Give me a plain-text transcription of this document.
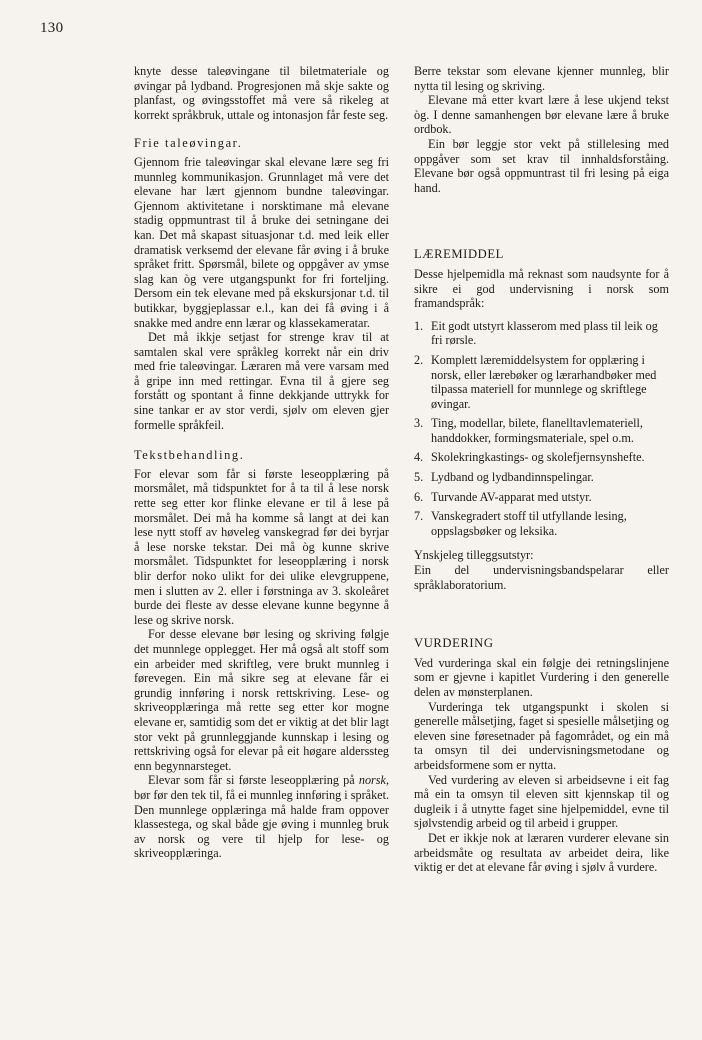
130

knyte desse taleøvingane til biletmateriale og øvingar på lydband. Progresjonen må skje sakte og planfast, og øvingsstoffet må vere så rikeleg at korrekt språkbruk, uttale og intonasjon får feste seg.

Frie taleøvingar.

Gjennom frie taleøvingar skal elevane lære seg fri munnleg kommunikasjon. Grunnlaget må vere det elevane har lært gjennom bundne taleøvingar. Gjennom aktivitetane i norsktimane må elevane stadig oppmuntrast til å bruke dei setningane dei kan. Det må skapast situasjonar t.d. med leik eller dramatisk verksemd der elevane får øving i å bruke språket fritt. Spørsmål, bilete og oppgåver av ymse slag kan òg vere utgangspunkt for fri forteljing. Dersom ein tek elevane med på ekskursjonar t.d. til butikkar, byggjeplassar e.l., kan dei få øving i å snakke med andre enn lærar og klassekameratar.

Det må ikkje setjast for strenge krav til at samtalen skal vere språkleg korrekt når ein driv med frie taleøvingar. Læraren må vere varsam med å gripe inn med rettingar. Evna til å gjere seg forstått og spontant å finne dekkjande uttrykk for sine tankar er av stor verdi, sjølv om eleven gjer formelle språkfeil.

Tekstbehandling.

For elevar som får si første leseopplæring på morsmålet, må tidspunktet for å ta til å lese norsk rette seg etter kor flinke elevane er til å lese på morsmålet. Dei må ha komme så langt at dei kan lese nytt stoff av høveleg vanskegrad før dei byrjar å lese norske tekstar. Dei må òg kunne skrive morsmålet. Tidspunktet for leseopplæring i norsk blir derfor noko ulikt for dei ulike elevgruppene, men i slutten av 2. eller i førstninga av 3. skoleåret burde dei fleste av desse elevane kunne begynne å lese og skrive norsk.

For desse elevane bør lesing og skriving følgje det munnlege opplegget. Her må også alt stoff som ein arbeider med skriftleg, vere brukt munnleg i førevegen. Ein må sikre seg at elevane får ei grundig innføring i norsk rettskriving. Lese- og skriveopplæringa må rette seg etter kor mogne elevane er, samtidig som det er viktig at det blir lagt stor vekt på grunnleggjande kunnskap i lesing og rettskriving også for elevar på eit høgare alderssteg enn begynnarsteget.

Elevar som får si første leseopplæring på norsk, bør før den tek til, få ei munnleg innføring i språket. Den munnlege opplæringa må halde fram oppover klassestega, og skal både gje øving i munnleg bruk av norsk og vere til hjelp for lese- og skriveopplæringa.

Berre tekstar som elevane kjenner munnleg, blir nytta til lesing og skriving.

Elevane må etter kvart lære å lese ukjend tekst òg. I denne samanhengen bør elevane lære å bruke ordbok.

Ein bør leggje stor vekt på stillelesing med oppgåver som set krav til innhaldsforståing. Elevane bør også oppmuntrast til fri lesing på eiga hand.

LÆREMIDDEL

Desse hjelpemidla må reknast som naudsynte for å sikre ei god undervisning i norsk som framandspråk:

1. Eit godt utstyrt klasserom med plass til leik og fri rørsle.
2. Komplett læremiddelsystem for opplæring i norsk, eller lærebøker og lærarhandbøker med tilpassa materiell for munnlege og skriftlege øvingar.
3. Ting, modellar, bilete, flanelltavlemateriell, handdokker, formingsmateriale, spel o.m.
4. Skolekringkastings- og skolefjernsynshefte.
5. Lydband og lydbandinnspelingar.
6. Turvande AV-apparat med utstyr.
7. Vanskegradert stoff til utfyllande lesing, oppslagsbøker og leksika.

Ynskjeleg tilleggsutstyr:

Ein del undervisningsbandspelarar eller språklaboratorium.

VURDERING

Ved vurderinga skal ein følgje dei retningslinjene som er gjevne i kapitlet Vurdering i den generelle delen av mønsterplanen.

Vurderinga tek utgangspunkt i skolen si generelle målsetjing, faget si spesielle målsetjing og eleven sine føresetnader på fagområdet, og ein må ta omsyn til dei undervisningsmetodane og arbeidsformene som er nytta.

Ved vurdering av eleven si arbeidsevne i eit fag må ein ta omsyn til eleven sitt kjennskap til og dugleik i å utnytte faget sine hjelpemiddel, evne til sjølvstendig arbeid og til arbeid i grupper.

Det er ikkje nok at læraren vurderer elevane sin arbeidsmåte og resultata av arbeidet deira, like viktig er det at elevane får øving i sjølv å vurdere.
